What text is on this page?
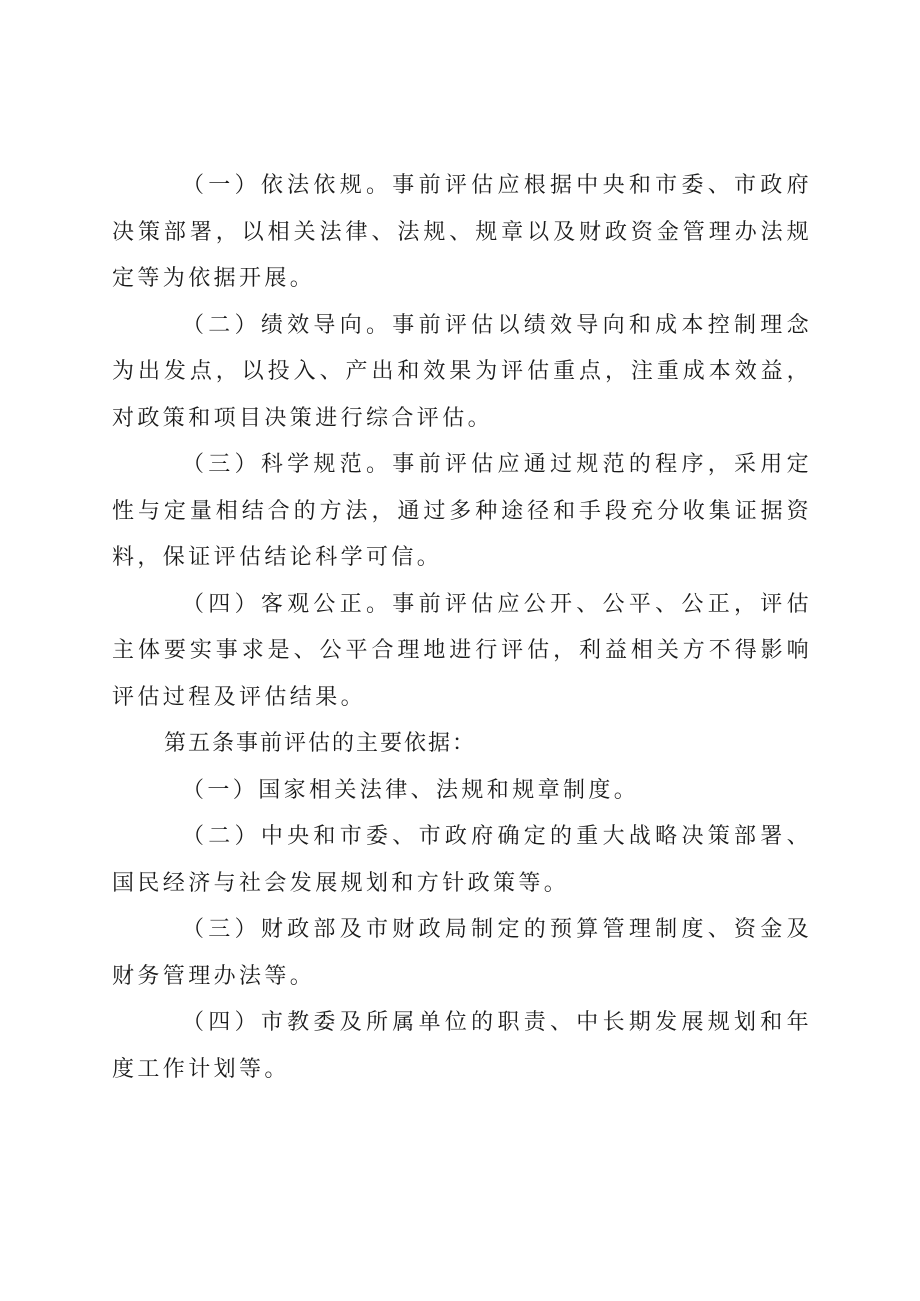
（一）依法依规。事前评估应根据中央和市委、市政府决策部署，以相关法律、法规、规章以及财政资金管理办法规定等为依据开展。

（二）绩效导向。事前评估以绩效导向和成本控制理念为出发点，以投入、产出和效果为评估重点，注重成本效益，对政策和项目决策进行综合评估。

（三）科学规范。事前评估应通过规范的程序，采用定性与定量相结合的方法，通过多种途径和手段充分收集证据资料，保证评估结论科学可信。

（四）客观公正。事前评估应公开、公平、公正，评估主体要实事求是、公平合理地进行评估，利益相关方不得影响评估过程及评估结果。

第五条事前评估的主要依据：

（一）国家相关法律、法规和规章制度。

（二）中央和市委、市政府确定的重大战略决策部署、国民经济与社会发展规划和方针政策等。

（三）财政部及市财政局制定的预算管理制度、资金及财务管理办法等。

（四）市教委及所属单位的职责、中长期发展规划和年度工作计划等。
